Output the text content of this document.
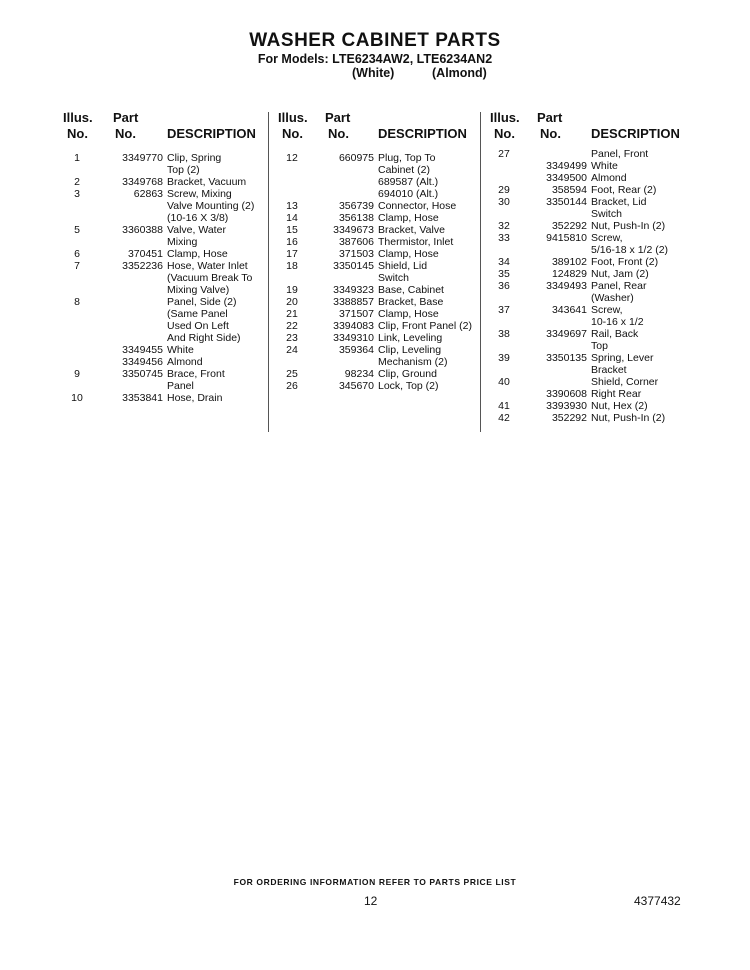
WASHER CABINET PARTS
For Models: LTE6234AW2, LTE6234AN2
(White)	(Almond)
Illus.
No.
Part
No. DESCRIPTION
1	3349770 Clip, Spring
Top (2)
2	3349768 Bracket, Vacuum
3	62863 Screw, Mixing
Valve Mounting (2)
(10-16 X 3/8)
5	3360388 Valve, Water
Mixing
6	370451 Clamp, Hose
7	3352236 Hose, Water Inlet
(Vacuum Break To
Mixing Valve)
8	Panel, Side (2)
(Same Panel
Used On Left
And Right Side)
3349455 White
3349456 Almond
9	3350745 Brace, Front
Panel
10	3353841 Hose, Drain
Illus.
No.
Part
No. DESCRIPTION
12	660975 Plug, Top To
Cabinet (2)
689587 (Alt.)
694010 (Alt.)
13	356739 Connector, Hose
14	356138 Clamp, Hose
15	3349673 Bracket, Valve
16	387606 Thermistor, Inlet
17	371503 Clamp, Hose
18	3350145 Shield, Lid
Switch
19	3349323 Base, Cabinet
20	3388857 Bracket, Base
21	371507 Clamp, Hose
22	3394083 Clip, Front Panel (2)
23	3349310 Link, Leveling
24	359364 Clip, Leveling
Mechanism (2)
25	98234 Clip, Ground
26	345670 Lock, Top (2)
Illus.
No.
Part
No. DESCRIPTION
27	Panel, Front
3349499 White
3349500 Almond
29	358594 Foot, Rear (2)
30	3350144 Bracket, Lid
Switch
32	352292 Nut, Push-In (2)
33	9415810 Screw,
5/16-18 x 1/2 (2)
34	389102 Foot, Front (2)
35	124829 Nut, Jam (2)
36	3349493 Panel, Rear
(Washer)
37	343641 Screw,
10-16 x 1/2
38	3349697 Rail, Back
Top
39	3350135 Spring, Lever
Bracket
40	Shield, Corner
3390608 Right Rear
41	3393930 Nut, Hex (2)
42	352292 Nut, Push-In (2)
FOR ORDERING INFORMATION REFER TO PARTS PRICE LIST
12	4377432
